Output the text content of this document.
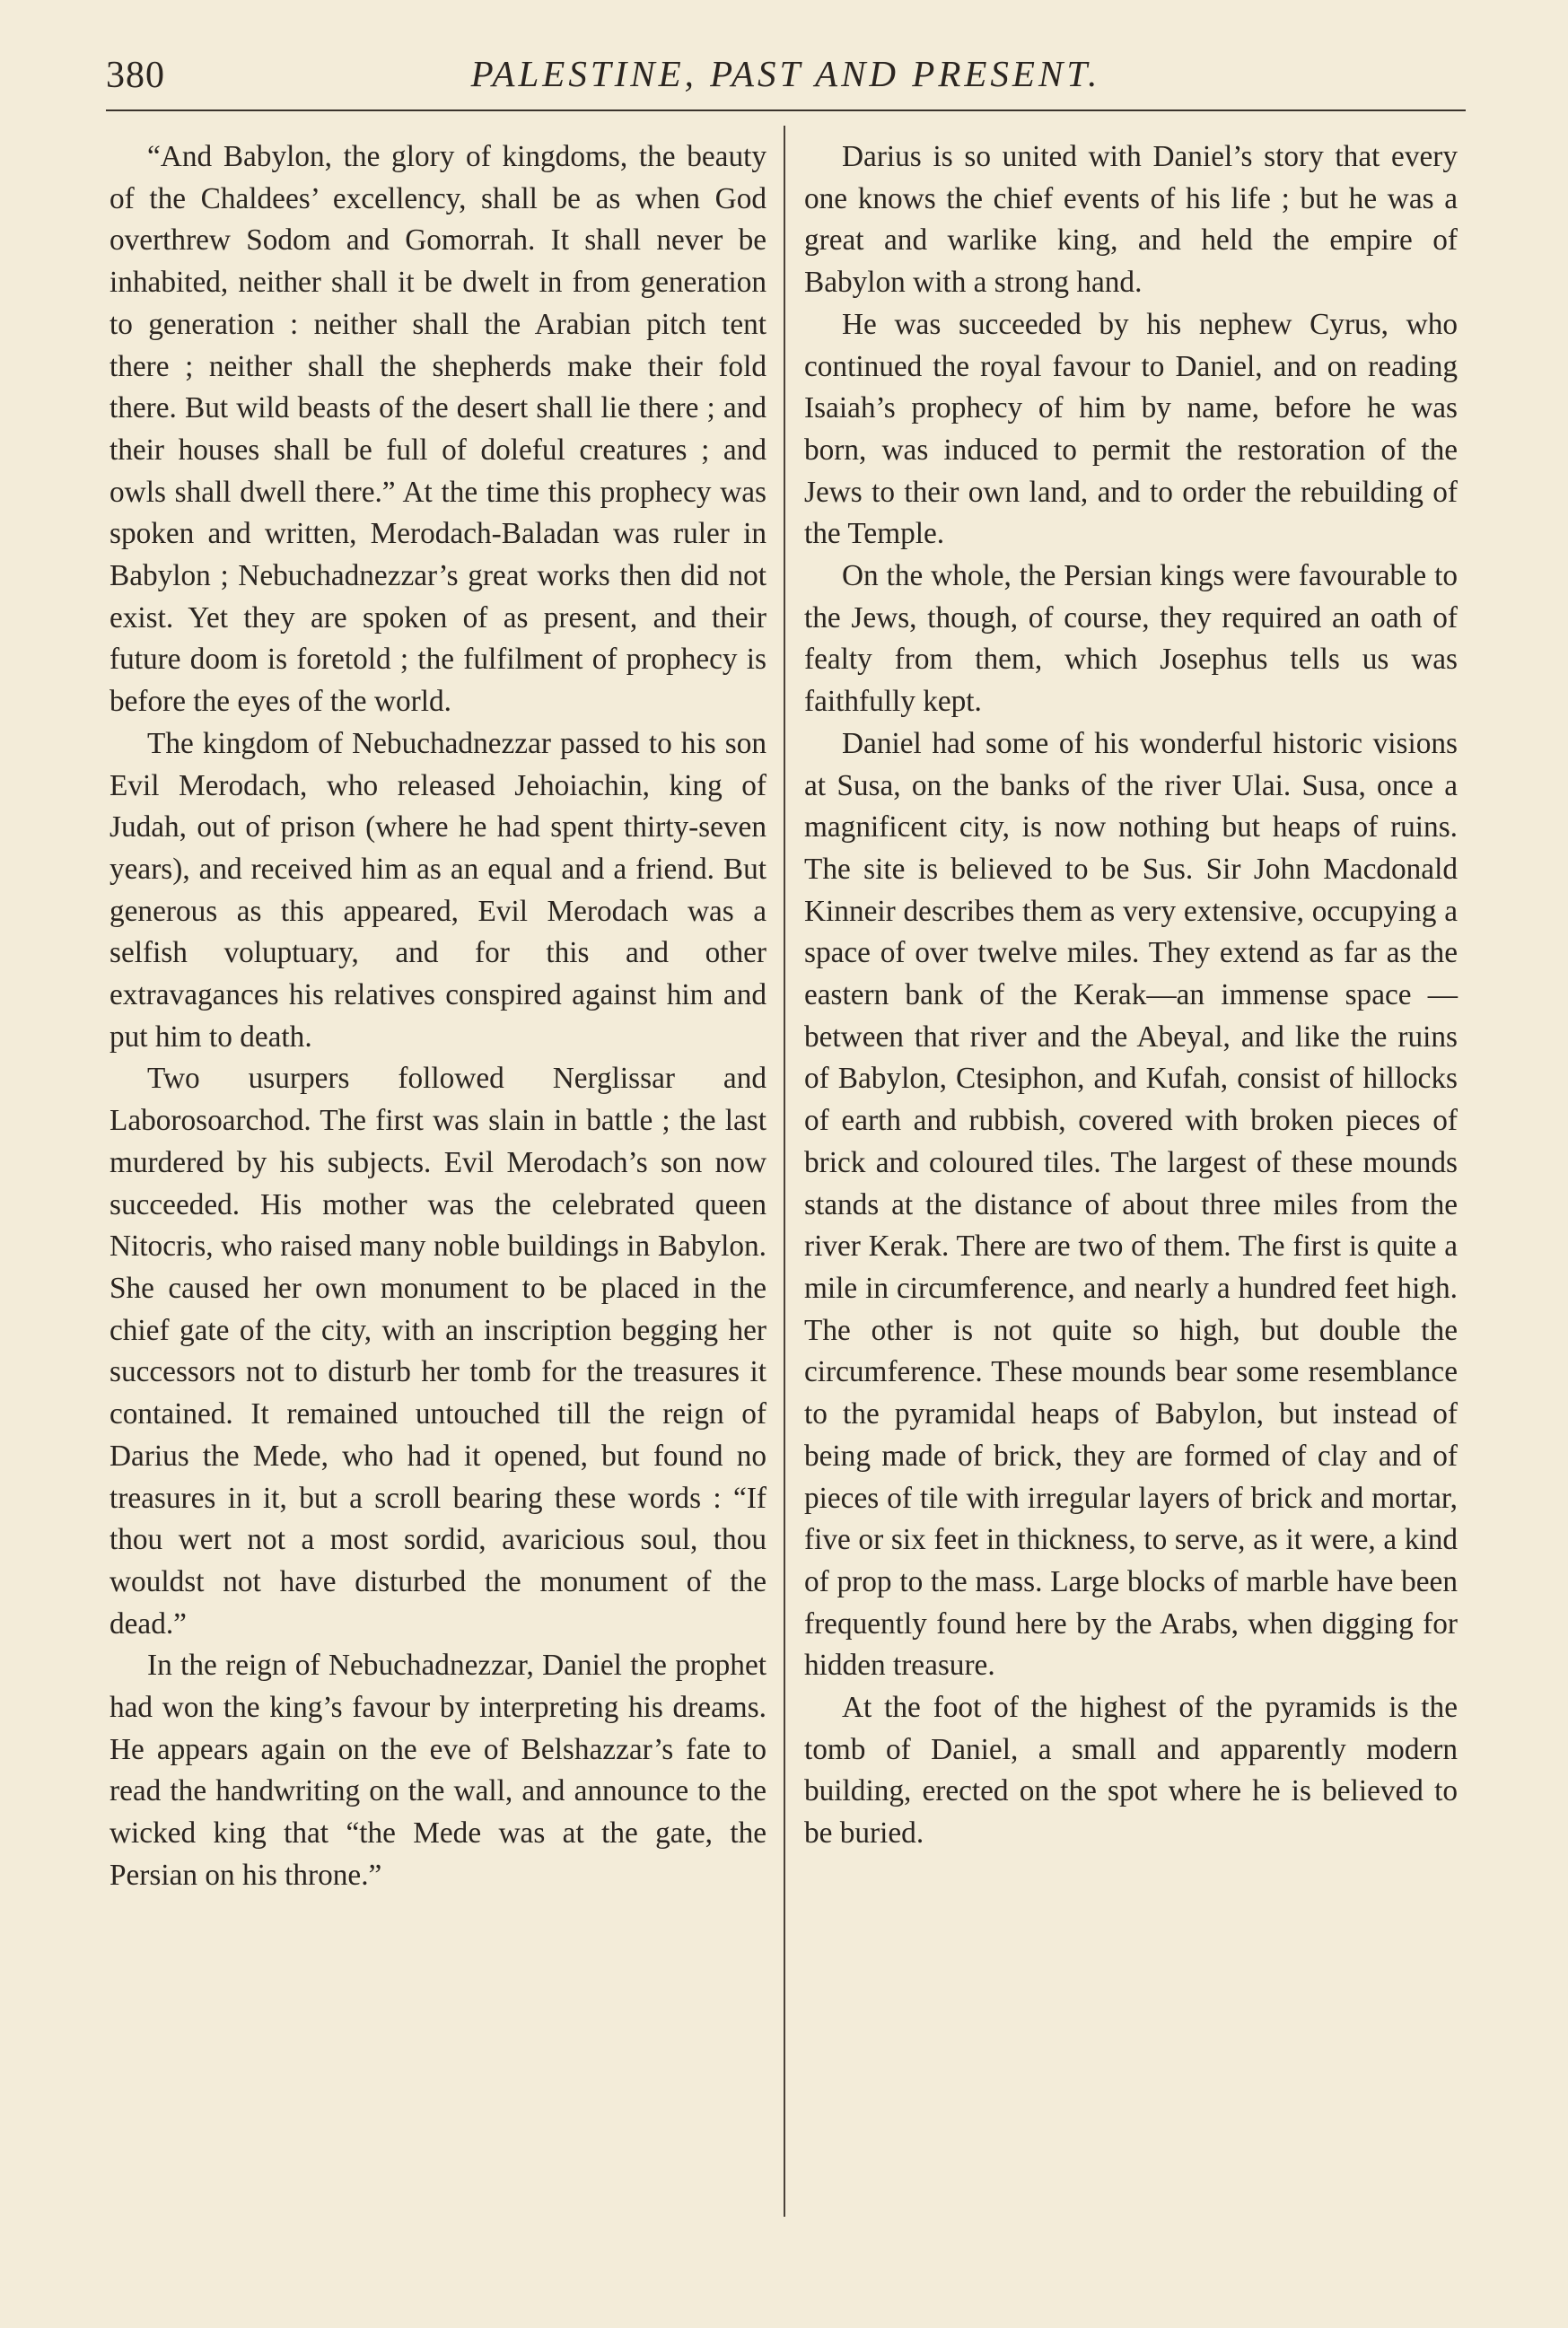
380	PALESTINE, PAST AND PRESENT.

“And Babylon, the glory of kingdoms, the beauty of the Chaldees’ excellency, shall be as when God overthrew Sodom and Gomorrah. It shall never be inhabited, neither shall it be dwelt in from generation to generation : neither shall the Arabian pitch tent there ; neither shall the shepherds make their fold there. But wild beasts of the desert shall lie there ; and their houses shall be full of doleful creatures ; and owls shall dwell there.” At the time this prophecy was spoken and written, Merodach-Baladan was ruler in Babylon ; Nebuchadnezzar’s great works then did not exist. Yet they are spoken of as present, and their future doom is foretold ; the fulfilment of prophecy is before the eyes of the world.

The kingdom of Nebuchadnezzar passed to his son Evil Merodach, who released Jehoiachin, king of Judah, out of prison (where he had spent thirty-seven years), and received him as an equal and a friend. But generous as this appeared, Evil Merodach was a selfish voluptuary, and for this and other extravagances his relatives conspired against him and put him to death.

Two usurpers followed Nerglissar and Laborosoarchod. The first was slain in battle ; the last murdered by his subjects. Evil Merodach’s son now succeeded. His mother was the celebrated queen Nitocris, who raised many noble buildings in Babylon. She caused her own monument to be placed in the chief gate of the city, with an inscription begging her successors not to disturb her tomb for the treasures it contained. It remained untouched till the reign of Darius the Mede, who had it opened, but found no treasures in it, but a scroll bearing these words : “If thou wert not a most sordid, avaricious soul, thou wouldst not have disturbed the monument of the dead.”

In the reign of Nebuchadnezzar, Daniel the prophet had won the king’s favour by interpreting his dreams. He appears again on the eve of Belshazzar’s fate to read the handwriting on the wall, and announce to the wicked king that “the Mede was at the gate, the Persian on his throne.”

Darius is so united with Daniel’s story that every one knows the chief events of his life ; but he was a great and warlike king, and held the empire of Babylon with a strong hand.

He was succeeded by his nephew Cyrus, who continued the royal favour to Daniel, and on reading Isaiah’s prophecy of him by name, before he was born, was induced to permit the restoration of the Jews to their own land, and to order the rebuilding of the Temple.

On the whole, the Persian kings were favourable to the Jews, though, of course, they required an oath of fealty from them, which Josephus tells us was faithfully kept.

Daniel had some of his wonderful historic visions at Susa, on the banks of the river Ulai. Susa, once a magnificent city, is now nothing but heaps of ruins. The site is believed to be Sus. Sir John Macdonald Kinneir describes them as very extensive, occupying a space of over twelve miles. They extend as far as the eastern bank of the Kerak—an immense space — between that river and the Abeyal, and like the ruins of Babylon, Ctesiphon, and Kufah, consist of hillocks of earth and rubbish, covered with broken pieces of brick and coloured tiles. The largest of these mounds stands at the distance of about three miles from the river Kerak. There are two of them. The first is quite a mile in circumference, and nearly a hundred feet high. The other is not quite so high, but double the circumference. These mounds bear some resemblance to the pyramidal heaps of Babylon, but instead of being made of brick, they are formed of clay and of pieces of tile with irregular layers of brick and mortar, five or six feet in thickness, to serve, as it were, a kind of prop to the mass. Large blocks of marble have been frequently found here by the Arabs, when digging for hidden treasure.

At the foot of the highest of the pyramids is the tomb of Daniel, a small and apparently modern building, erected on the spot where he is believed to be buried.
